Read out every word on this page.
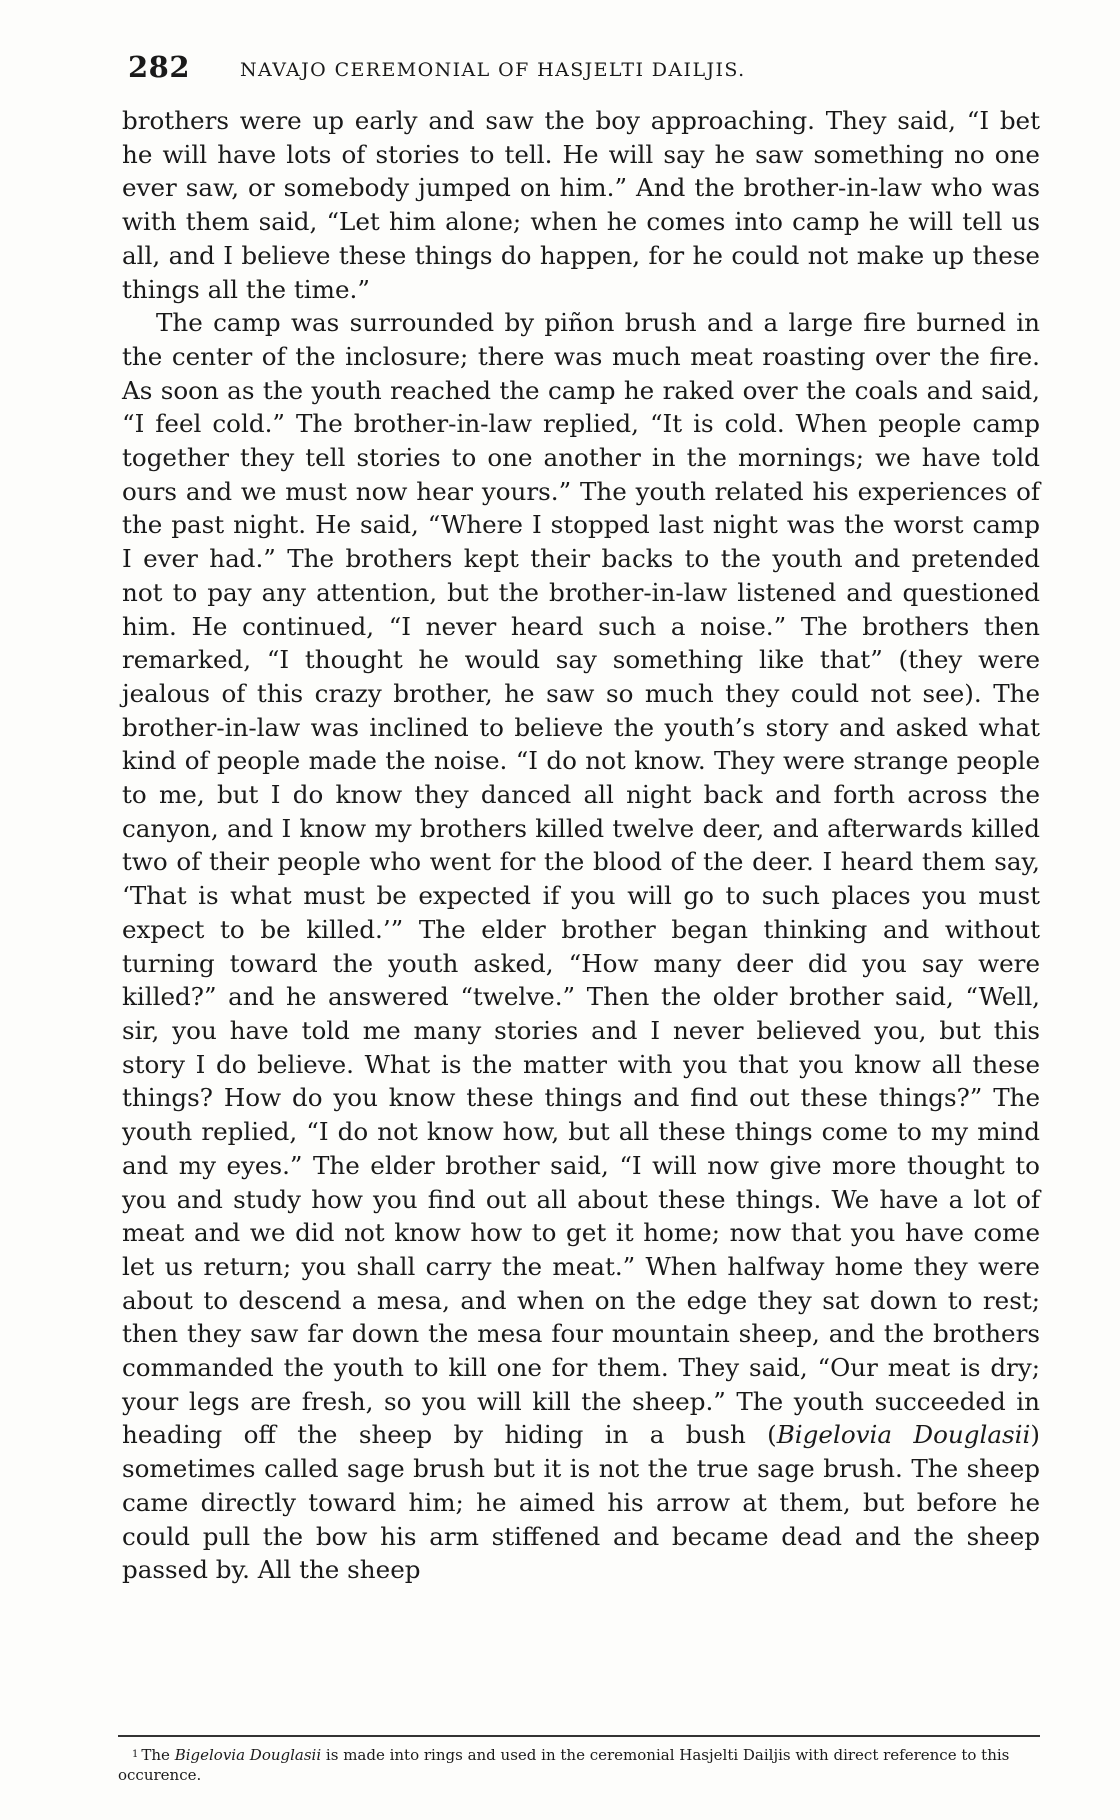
282	NAVAJO CEREMONIAL OF HASJELTI DAILJIS.

brothers were up early and saw the boy approaching. They said, “I bet he will have lots of stories to tell. He will say he saw something no one ever saw, or somebody jumped on him.” And the brother-in-law who was with them said, “Let him alone; when he comes into camp he will tell us all, and I believe these things do happen, for he could not make up these things all the time.”

The camp was surrounded by piñon brush and a large fire burned in the center of the inclosure; there was much meat roasting over the fire. As soon as the youth reached the camp he raked over the coals and said, “I feel cold.” The brother-in-law replied, “It is cold. When people camp together they tell stories to one another in the mornings; we have told ours and we must now hear yours.” The youth related his experiences of the past night. He said, “Where I stopped last night was the worst camp I ever had.” The brothers kept their backs to the youth and pretended not to pay any attention, but the brother-in-law listened and questioned him. He continued, “I never heard such a noise.” The brothers then remarked, “I thought he would say something like that” (they were jealous of this crazy brother, he saw so much they could not see). The brother-in-law was inclined to believe the youth’s story and asked what kind of people made the noise. “I do not know. They were strange people to me, but I do know they danced all night back and forth across the canyon, and I know my brothers killed twelve deer, and afterwards killed two of their people who went for the blood of the deer. I heard them say, ‘That is what must be expected if you will go to such places you must expect to be killed.’” The elder brother began thinking and without turning toward the youth asked, “How many deer did you say were killed?” and he answered “twelve.” Then the older brother said, “Well, sir, you have told me many stories and I never believed you, but this story I do believe. What is the matter with you that you know all these things? How do you know these things and find out these things?” The youth replied, “I do not know how, but all these things come to my mind and my eyes.” The elder brother said, “I will now give more thought to you and study how you find out all about these things. We have a lot of meat and we did not know how to get it home; now that you have come let us return; you shall carry the meat.” When halfway home they were about to descend a mesa, and when on the edge they sat down to rest; then they saw far down the mesa four mountain sheep, and the brothers commanded the youth to kill one for them. They said, “Our meat is dry; your legs are fresh, so you will kill the sheep.” The youth succeeded in heading off the sheep by hiding in a bush (Bigelovia Douglasii) sometimes called sage brush but it is not the true sage brush. The sheep came directly toward him; he aimed his arrow at them, but before he could pull the bow his arm stiffened and became dead and the sheep passed by. All the sheep

$^1$ The Bigelovia Douglasii is made into rings and used in the ceremonial Hasjelti Dailjis with direct reference to this occurence.
